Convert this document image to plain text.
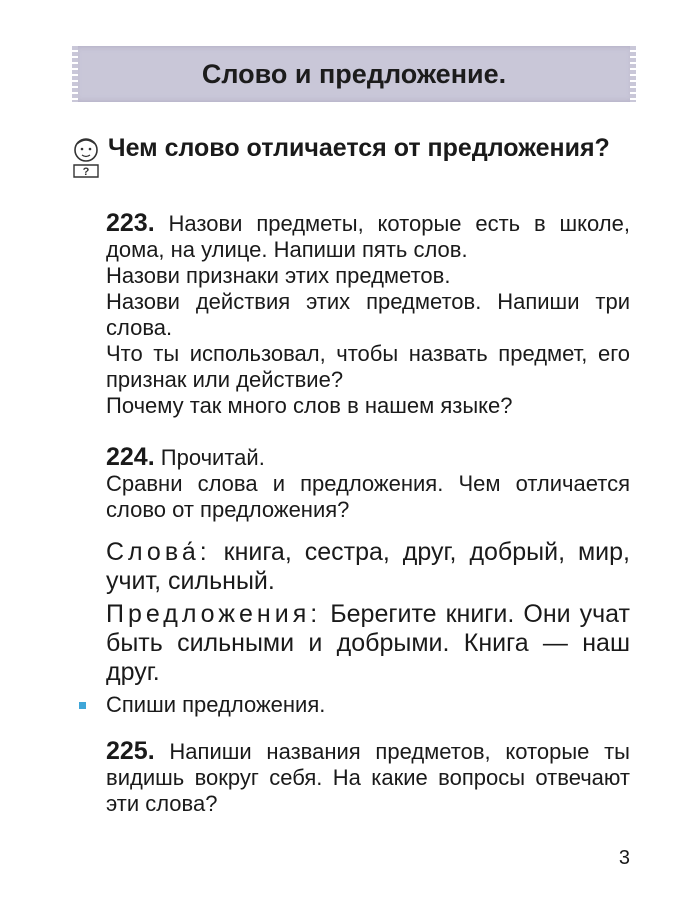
Слово и предложение.
?
Чем слово отличается от предложения?

223. Назови предметы, которые есть в школе, дома, на улице. Напиши пять слов.

Назови признаки этих предметов.

Назови действия этих предметов. Напиши три слова.

Что ты использовал, чтобы назвать предмет, его признак или действие?

Почему так много слов в нашем языке?

224. Прочитай.

Сравни слова и предложения. Чем отличается слово от предложения?

Слова́: книга, сестра, друг, добрый, мир, учит, сильный.

Предложения: Берегите книги. Они учат быть сильными и добрыми. Книга — наш друг.

Спиши предложения.

225. Напиши названия предметов, которые ты видишь вокруг себя. На какие вопросы отвечают эти слова?

3
